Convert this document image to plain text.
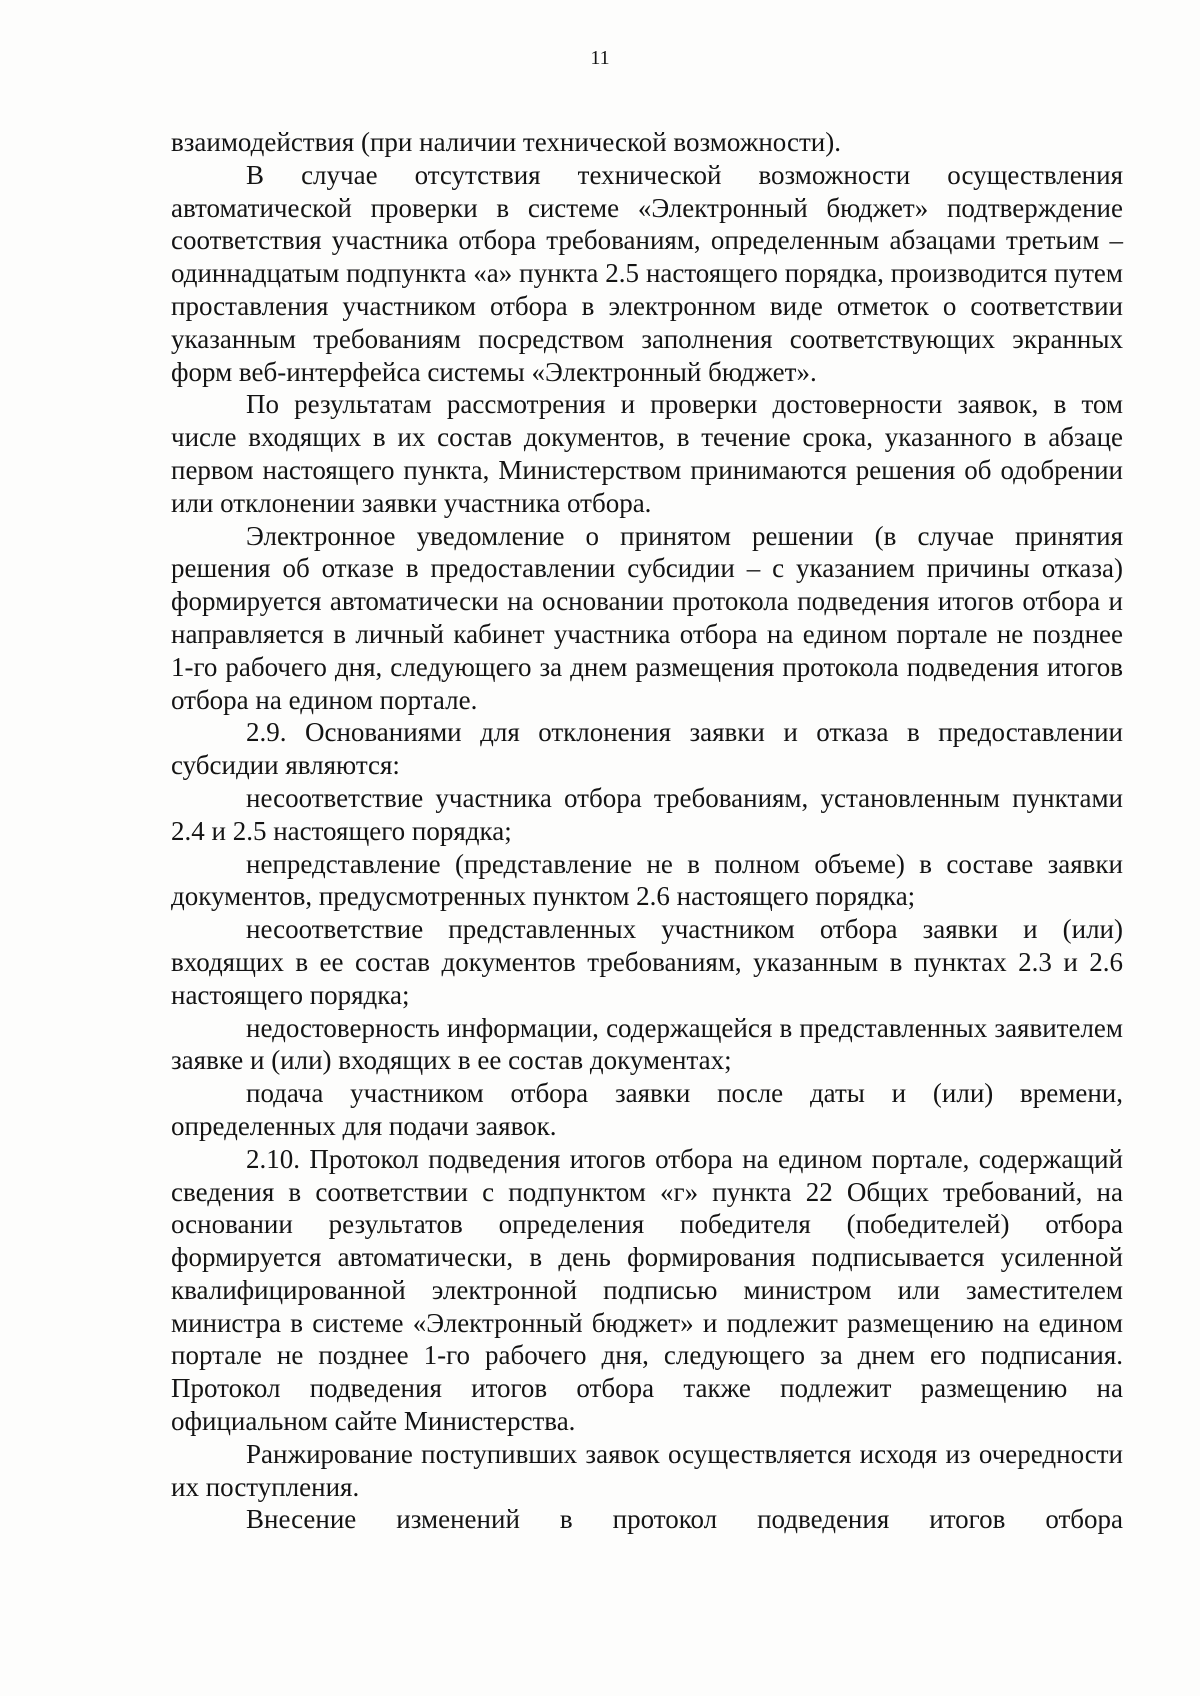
11

взаимодействия (при наличии технической возможности).

В случае отсутствия технической возможности осуществления автоматической проверки в системе «Электронный бюджет» подтверждение соответствия участника отбора требованиям, определенным абзацами третьим – одиннадцатым подпункта «а» пункта 2.5 настоящего порядка, производится путем проставления участником отбора в электронном виде отметок о соответствии указанным требованиям посредством заполнения соответствующих экранных форм веб-интерфейса системы «Электронный бюджет».

По результатам рассмотрения и проверки достоверности заявок, в том числе входящих в их состав документов, в течение срока, указанного в абзаце первом настоящего пункта, Министерством принимаются решения об одобрении или отклонении заявки участника отбора.

Электронное уведомление о принятом решении (в случае принятия решения об отказе в предоставлении субсидии – с указанием причины отказа) формируется автоматически на основании протокола подведения итогов отбора и направляется в личный кабинет участника отбора на едином портале не позднее 1-го рабочего дня, следующего за днем размещения протокола подведения итогов отбора на едином портале.

2.9. Основаниями для отклонения заявки и отказа в предоставлении субсидии являются:

несоответствие участника отбора требованиям, установленным пунктами 2.4 и 2.5 настоящего порядка;

непредставление (представление не в полном объеме) в составе заявки документов, предусмотренных пунктом 2.6 настоящего порядка;

несоответствие представленных участником отбора заявки и (или) входящих в ее состав документов требованиям, указанным в пунктах 2.3 и 2.6 настоящего порядка;

недостоверность информации, содержащейся в представленных заявителем заявке и (или) входящих в ее состав документах;

подача участником отбора заявки после даты и (или) времени, определенных для подачи заявок.

2.10. Протокол подведения итогов отбора на едином портале, содержащий сведения в соответствии с подпунктом «г» пункта 22 Общих требований, на основании результатов определения победителя (победителей) отбора формируется автоматически, в день формирования подписывается усиленной квалифицированной электронной подписью министром или заместителем министра в системе «Электронный бюджет» и подлежит размещению на едином портале не позднее 1-го рабочего дня, следующего за днем его подписания. Протокол подведения итогов отбора также подлежит размещению на официальном сайте Министерства.

Ранжирование поступивших заявок осуществляется исходя из очередности их поступления.

Внесение изменений в протокол подведения итогов отбора
